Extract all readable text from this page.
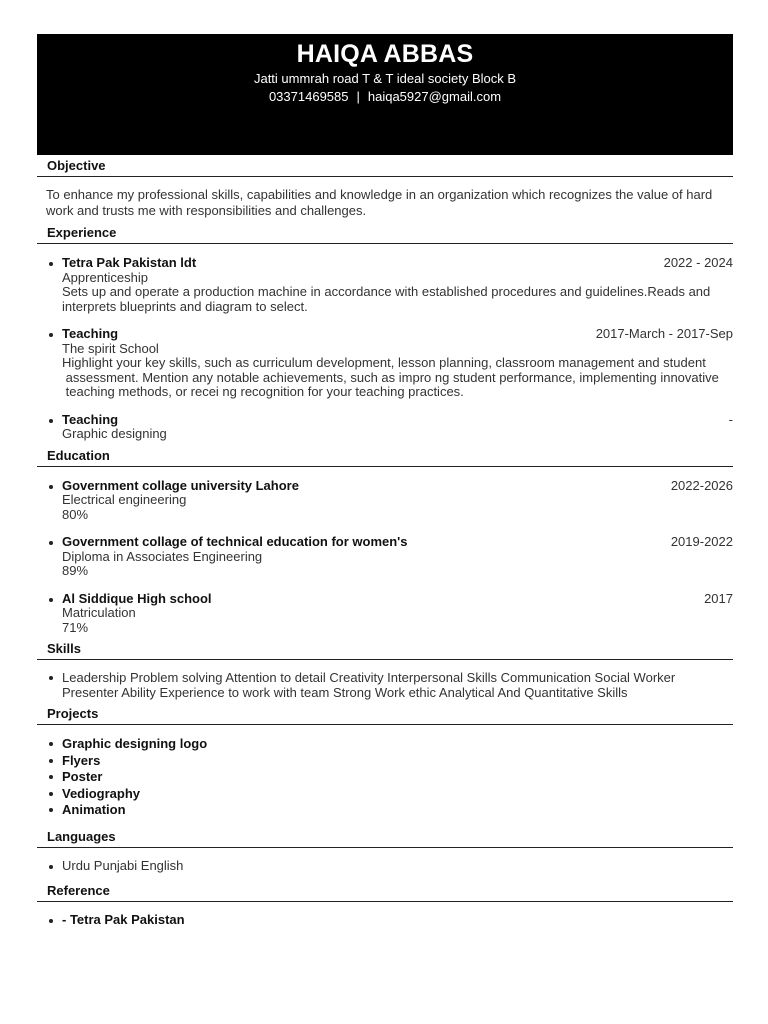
HAIQA ABBAS
Jatti ummrah road T & T ideal society Block B
03371469585 | haiqa5927@gmail.com
Objective
To enhance my professional skills, capabilities and knowledge in an organization which recognizes the value of hard work and trusts me with responsibilities and challenges.
Experience
Tetra Pak Pakistan ldt	2022 - 2024
Apprenticeship
Sets up and operate a production machine in accordance with established procedures and guidelines.Reads and interprets blueprints and diagram to select.
Teaching	2017-March - 2017-Sep
The spirit School
Highlight your key skills, such as curriculum development, lesson planning, classroom management and student
assessment. Mention any notable achievements, such as impro ng student performance, implementing innovative
teaching methods, or recei ng recognition for your teaching practices.
Teaching	-
Graphic designing
Education
Government collage university Lahore	2022-2026
Electrical engineering
80%
Government collage of technical education for women's	2019-2022
Diploma in Associates Engineering
89%
Al Siddique High school	2017
Matriculation
71%
Skills
Leadership Problem solving Attention to detail Creativity Interpersonal Skills Communication Social Worker Presenter Ability Experience to work with team Strong Work ethic Analytical And Quantitative Skills
Projects
Graphic designing logo
Flyers
Poster
Vediography
Animation
Languages
Urdu Punjabi English
Reference
- Tetra Pak Pakistan
